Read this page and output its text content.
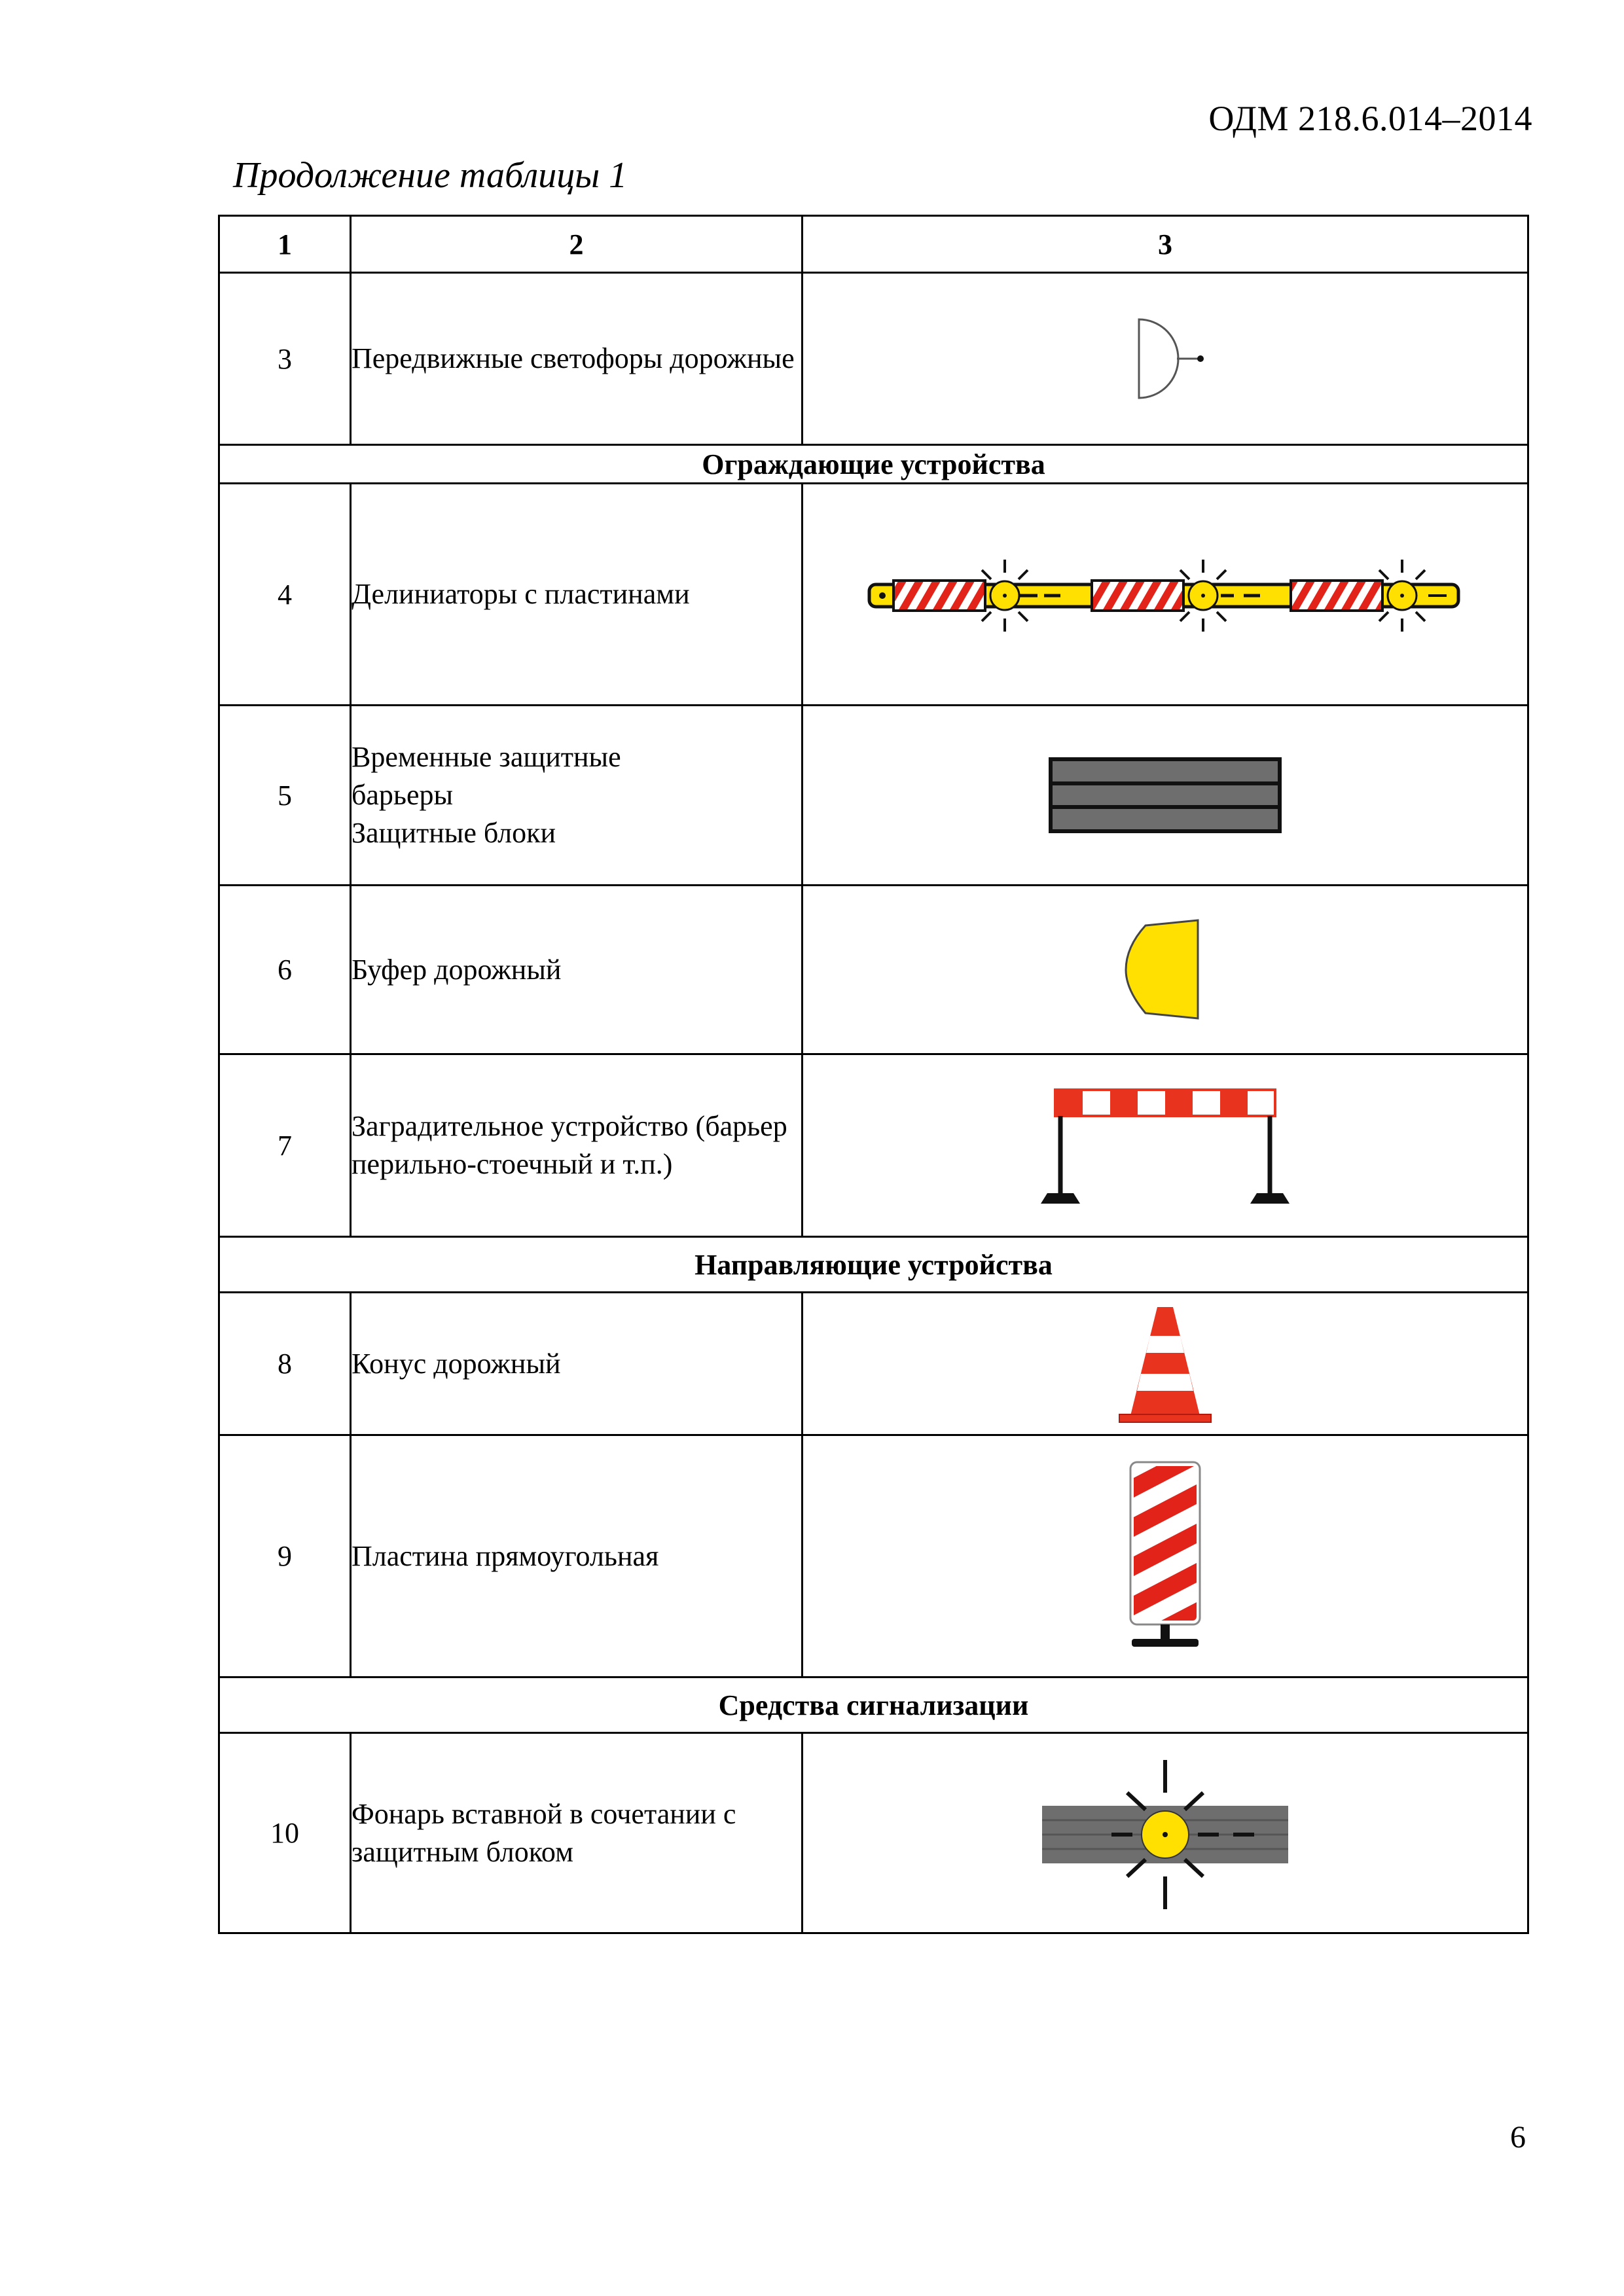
ОДМ 218.6.014–2014
Продолжение таблицы 1
1	2	3
3	Передвижные светофоры дорожные	

Ограждающие устройства		
4	Делиниаторы с пластинами	

5	Временные защитные
барьеры
Защитные блоки

6	Буфер дорожный	

7	Заградительное устройство (барьер перильно-стоечный и т.п.)	

Направляющие устройства		
8	Конус дорожный	

9	Пластина прямоугольная	

Средства сигнализации		
10	Фонарь вставной в сочетании с защитным блоком	
6
